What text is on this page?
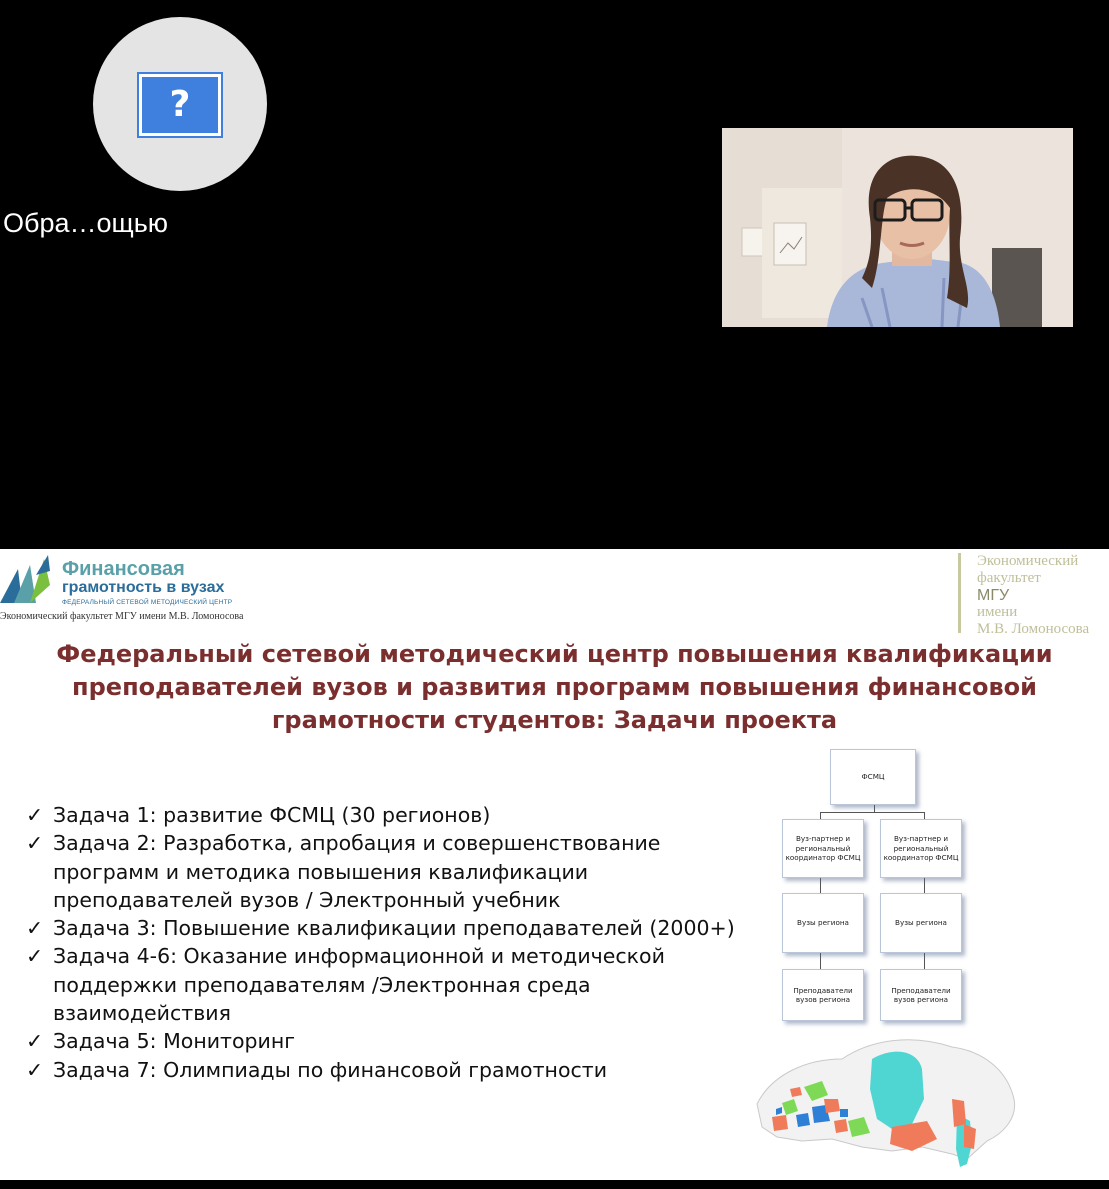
?
Обра…ощью
Финансовая
грамотность в вузах
ФЕДЕРАЛЬНЫЙ СЕТЕВОЙ МЕТОДИЧЕСКИЙ ЦЕНТР
Экономический факультет МГУ имени М.В. Ломоносова
Экономический
факультет
МГУ
имени
М.В. Ломоносова
Федеральный сетевой методический центр повышения квалификации
преподавателей вузов и развития программ повышения финансовой
грамотности студентов: Задачи проекта
✓ Задача 1: развитие ФСМЦ (30 регионов)
✓ Задача 2: Разработка, апробация и совершенствование программ и методика повышения квалификации преподавателей вузов / Электронный учебник
✓ Задача 3: Повышение квалификации преподавателей (2000+)
✓ Задача 4-6: Оказание информационной и методической поддержки преподавателям /Электронная среда взаимодействия
✓ Задача 5: Мониторинг
✓ Задача 7: Олимпиады по финансовой грамотности
ФСМЦ
Вуз-партнер и региональный координатор ФСМЦ
Вуз-партнер и региональный координатор ФСМЦ
Вузы региона	Вузы региона
Преподаватели вузов региона
Преподаватели вузов региона
